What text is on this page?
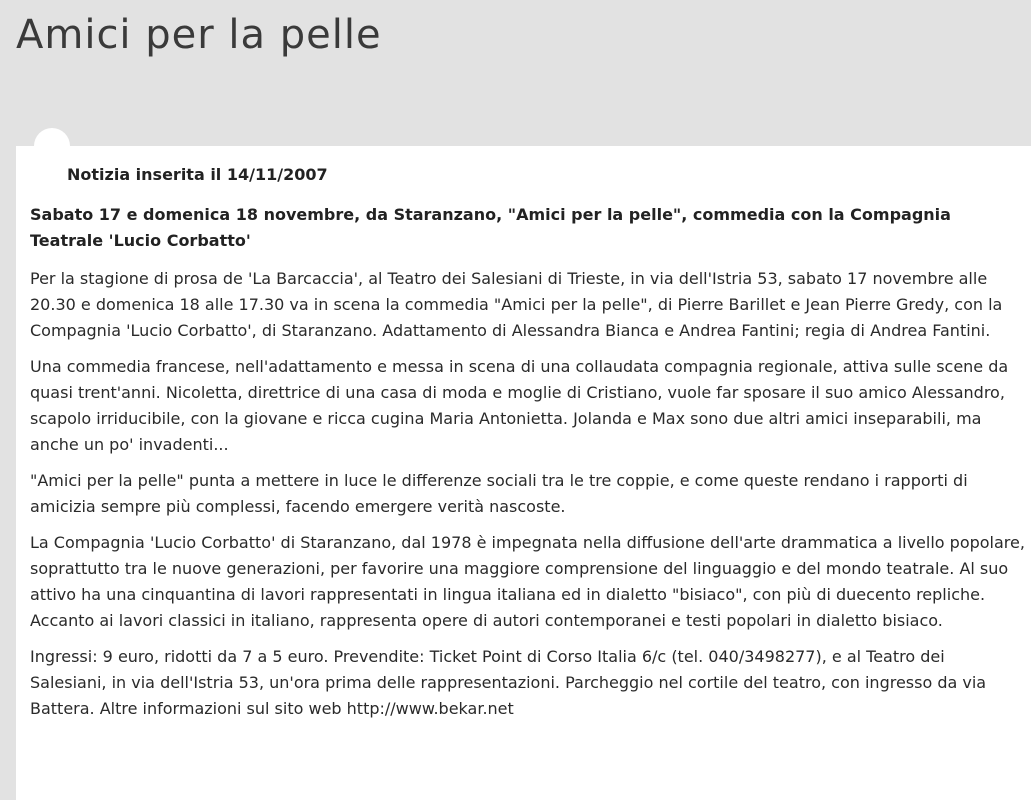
Amici per la pelle

Notizia inserita il 14/11/2007

Sabato 17 e domenica 18 novembre, da Staranzano, "Amici per la pelle", commedia con la Compagnia Teatrale 'Lucio Corbatto'

Per la stagione di prosa de 'La Barcaccia', al Teatro dei Salesiani di Trieste, in via dell'Istria 53, sabato 17 novembre alle 20.30 e domenica 18 alle 17.30 va in scena la commedia "Amici per la pelle", di Pierre Barillet e Jean Pierre Gredy, con la Compagnia 'Lucio Corbatto', di Staranzano. Adattamento di Alessandra Bianca e Andrea Fantini; regia di Andrea Fantini.

Una commedia francese, nell'adattamento e messa in scena di una collaudata compagnia regionale, attiva sulle scene da quasi trent'anni. Nicoletta, direttrice di una casa di moda e moglie di Cristiano, vuole far sposare il suo amico Alessandro, scapolo irriducibile, con la giovane e ricca cugina Maria Antonietta. Jolanda e Max sono due altri amici inseparabili, ma anche un po' invadenti...

"Amici per la pelle" punta a mettere in luce le differenze sociali tra le tre coppie, e come queste rendano i rapporti di amicizia sempre più complessi, facendo emergere verità nascoste.

La Compagnia 'Lucio Corbatto' di Staranzano, dal 1978 è impegnata nella diffusione dell'arte drammatica a livello popolare, soprattutto tra le nuove generazioni, per favorire una maggiore comprensione del linguaggio e del mondo teatrale. Al suo attivo ha una cinquantina di lavori rappresentati in lingua italiana ed in dialetto "bisiaco", con più di duecento repliche. Accanto ai lavori classici in italiano, rappresenta opere di autori contemporanei e testi popolari in dialetto bisiaco.

Ingressi: 9 euro, ridotti da 7 a 5 euro. Prevendite: Ticket Point di Corso Italia 6/c (tel. 040/3498277), e al Teatro dei Salesiani, in via dell'Istria 53, un'ora prima delle rappresentazioni. Parcheggio nel cortile del teatro, con ingresso da via Battera. Altre informazioni sul sito web http://www.bekar.net
